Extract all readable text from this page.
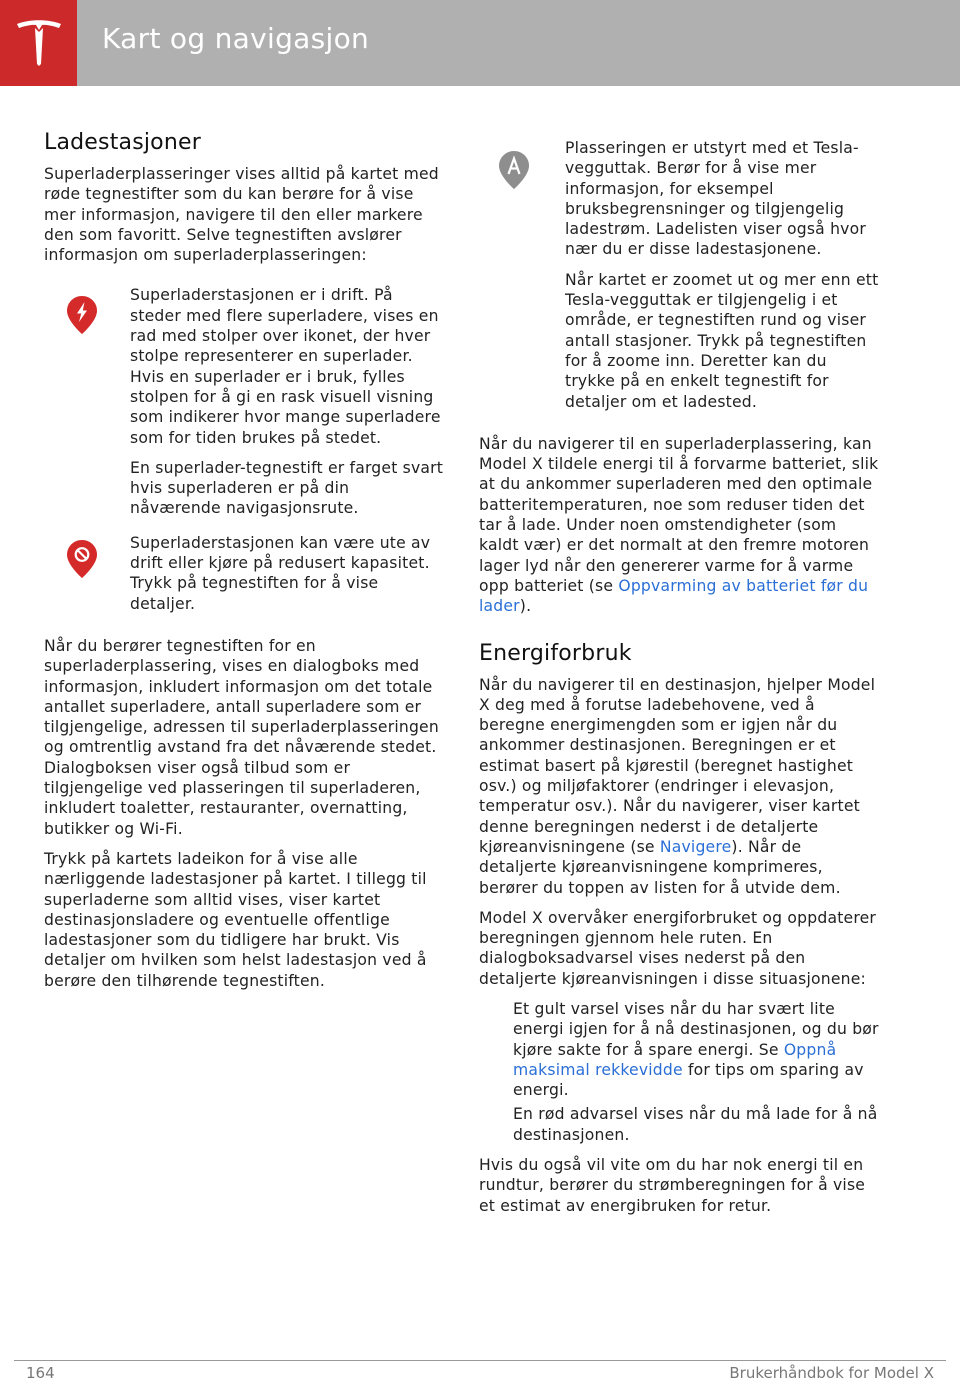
Kart og navigasjon
Ladestasjoner

Superladerplasseringer vises alltid på kartet med røde tegnestifter som du kan berøre for å vise mer informasjon, navigere til den eller markere den som favoritt. Selve tegnestiften avslører informasjon om superladerplasseringen:

Superladerstasjonen er i drift. På steder med flere superladere, vises en rad med stolper over ikonet, der hver stolpe representerer en superlader. Hvis en superlader er i bruk, fylles stolpen for å gi en rask visuell visning som indikerer hvor mange superladere som for tiden brukes på stedet.

En superlader-tegnestift er farget svart hvis superladeren er på din nåværende navigasjonsrute.

Superladerstasjonen kan være ute av drift eller kjøre på redusert kapasitet. Trykk på tegnestiften for å vise detaljer.

Når du berører tegnestiften for en superladerplassering, vises en dialogboks med informasjon, inkludert informasjon om det totale antallet superladere, antall superladere som er tilgjengelige, adressen til superladerplasseringen og omtrentlig avstand fra det nåværende stedet. Dialogboksen viser også tilbud som er tilgjengelige ved plasseringen til superladeren, inkludert toaletter, restauranter, overnatting, butikker og Wi-Fi.

Trykk på kartets ladeikon for å vise alle nærliggende ladestasjoner på kartet. I tillegg til superladerne som alltid vises, viser kartet destinasjonsladere og eventuelle offentlige ladestasjoner som du tidligere har brukt. Vis detaljer om hvilken som helst ladestasjon ved å berøre den tilhørende tegnestiften.

Plasseringen er utstyrt med et Tesla-vegguttak. Berør for å vise mer informasjon, for eksempel bruksbegrensninger og tilgjengelig ladestrøm. Ladelisten viser også hvor nær du er disse ladestasjonene.

Når kartet er zoomet ut og mer enn ett Tesla-vegguttak er tilgjengelig i et område, er tegnestiften rund og viser antall stasjoner. Trykk på tegnestiften for å zoome inn. Deretter kan du trykke på en enkelt tegnestift for detaljer om et ladested.

Når du navigerer til en superladerplassering, kan Model X tildele energi til å forvarme batteriet, slik at du ankommer superladeren med den optimale batteritemperaturen, noe som reduser tiden det tar å lade. Under noen omstendigheter (som kaldt vær) er det normalt at den fremre motoren lager lyd når den genererer varme for å varme opp batteriet (se Oppvarming av batteriet før du lader).

Energiforbruk

Når du navigerer til en destinasjon, hjelper Model X deg med å forutse ladebehovene, ved å beregne energimengden som er igjen når du ankommer destinasjonen. Beregningen er et estimat basert på kjørestil (beregnet hastighet osv.) og miljøfaktorer (endringer i elevasjon, temperatur osv.). Når du navigerer, viser kartet denne beregningen nederst i de detaljerte kjøreanvisningene (se Navigere). Når de detaljerte kjøreanvisningene komprimeres, berører du toppen av listen for å utvide dem.

Model X overvåker energiforbruket og oppdaterer beregningen gjennom hele ruten. En dialogboksadvarsel vises nederst på den detaljerte kjøreanvisningen i disse situasjonene:

Et gult varsel vises når du har svært lite energi igjen for å nå destinasjonen, og du bør kjøre sakte for å spare energi. Se Oppnå maksimal rekkevidde for tips om sparing av energi.

En rød advarsel vises når du må lade for å nå destinasjonen.

Hvis du også vil vite om du har nok energi til en rundtur, berører du strømberegningen for å vise et estimat av energibruken for retur.

164	Brukerhåndbok for Model X
